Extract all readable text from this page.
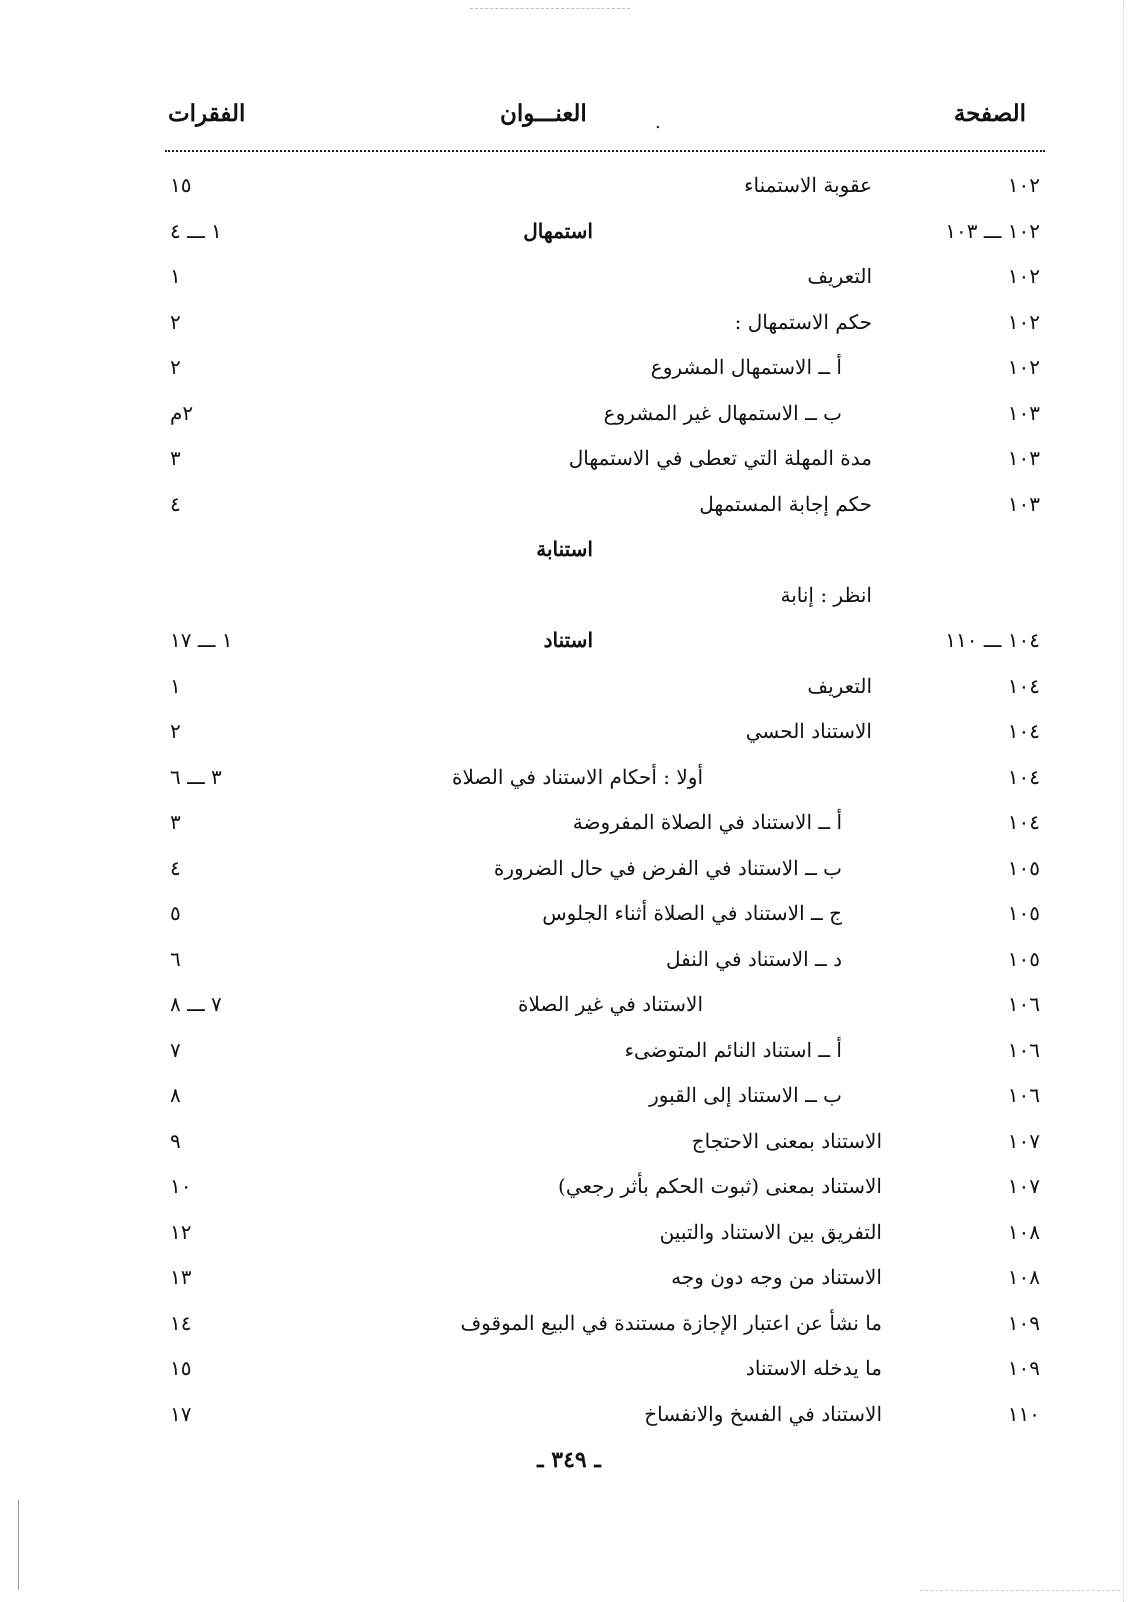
الصفحة
العنـــوان	.
الفقرات
١٠٢
عقوبة الاستمناء
١٥
١٠٢ ـــ ١٠٣
استمهال
١ ـــ ٤
١٠٢
التعريف
١
١٠٢
حكم الاستمهال :
٢
١٠٢
أ ــ الاستمهال المشروع
٢
١٠٣
ب ــ الاستمهال غير المشروع
٢م
١٠٣
مدة المهلة التي تعطى في الاستمهال
٣
١٠٣
حكم إجابة المستمهل
٤
استنابة
انظر : إنابة
١٠٤ ـــ ١١٠
استناد
١ ـــ ١٧
١٠٤
التعريف
١
١٠٤
الاستناد الحسي
٢
١٠٤
أولا : أحكام الاستناد في الصلاة
٣ ـــ ٦
١٠٤
أ ــ الاستناد في الصلاة المفروضة
٣
١٠٥
ب ــ الاستناد في الفرض في حال الضرورة
٤
١٠٥
ج ــ الاستناد في الصلاة أثناء الجلوس
٥
١٠٥
د ــ الاستناد في النفل
٦
١٠٦
الاستناد في غير الصلاة
٧ ـــ ٨
١٠٦
أ ــ استناد النائم المتوضىء
٧
١٠٦
ب ــ الاستناد إلى القبور
٨
١٠٧
الاستناد بمعنى الاحتجاج
٩
١٠٧
الاستناد بمعنى (ثبوت الحكم بأثر رجعي)
١٠
١٠٨
التفريق بين الاستناد والتبين
١٢
١٠٨
الاستناد من وجه دون وجه
١٣
١٠٩
ما نشأ عن اعتبار الإجازة مستندة في البيع الموقوف
١٤
١٠٩
ما يدخله الاستناد
١٥
١١٠
الاستناد في الفسخ والانفساخ
١٧
ـ ٣٤٩ ـ
